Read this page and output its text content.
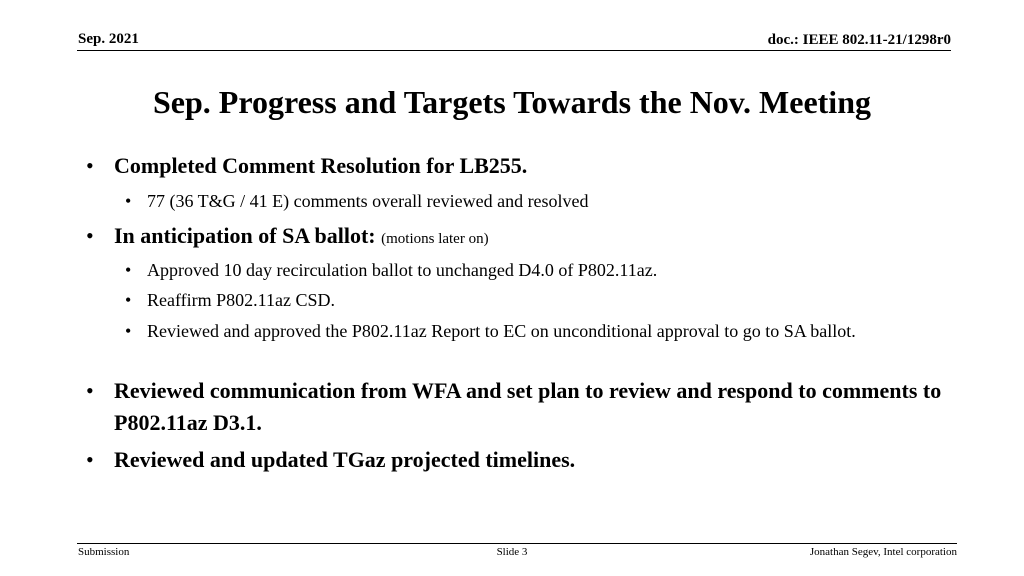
Sep. 2021	doc.: IEEE 802.11-21/1298r0
Sep. Progress and Targets Towards the Nov. Meeting
• Completed Comment Resolution for LB255.
• 77 (36 T&G / 41 E) comments overall reviewed and resolved
• In anticipation of SA ballot: (motions later on)
• Approved 10 day recirculation ballot to unchanged D4.0 of P802.11az.
• Reaffirm P802.11az CSD.
• Reviewed and approved the P802.11az Report to EC on unconditional approval to go to SA ballot.
• Reviewed communication from WFA and set plan to review and respond to comments to P802.11az D3.1.
• Reviewed and updated TGaz projected timelines.
Submission	Slide 3	Jonathan Segev, Intel corporation
